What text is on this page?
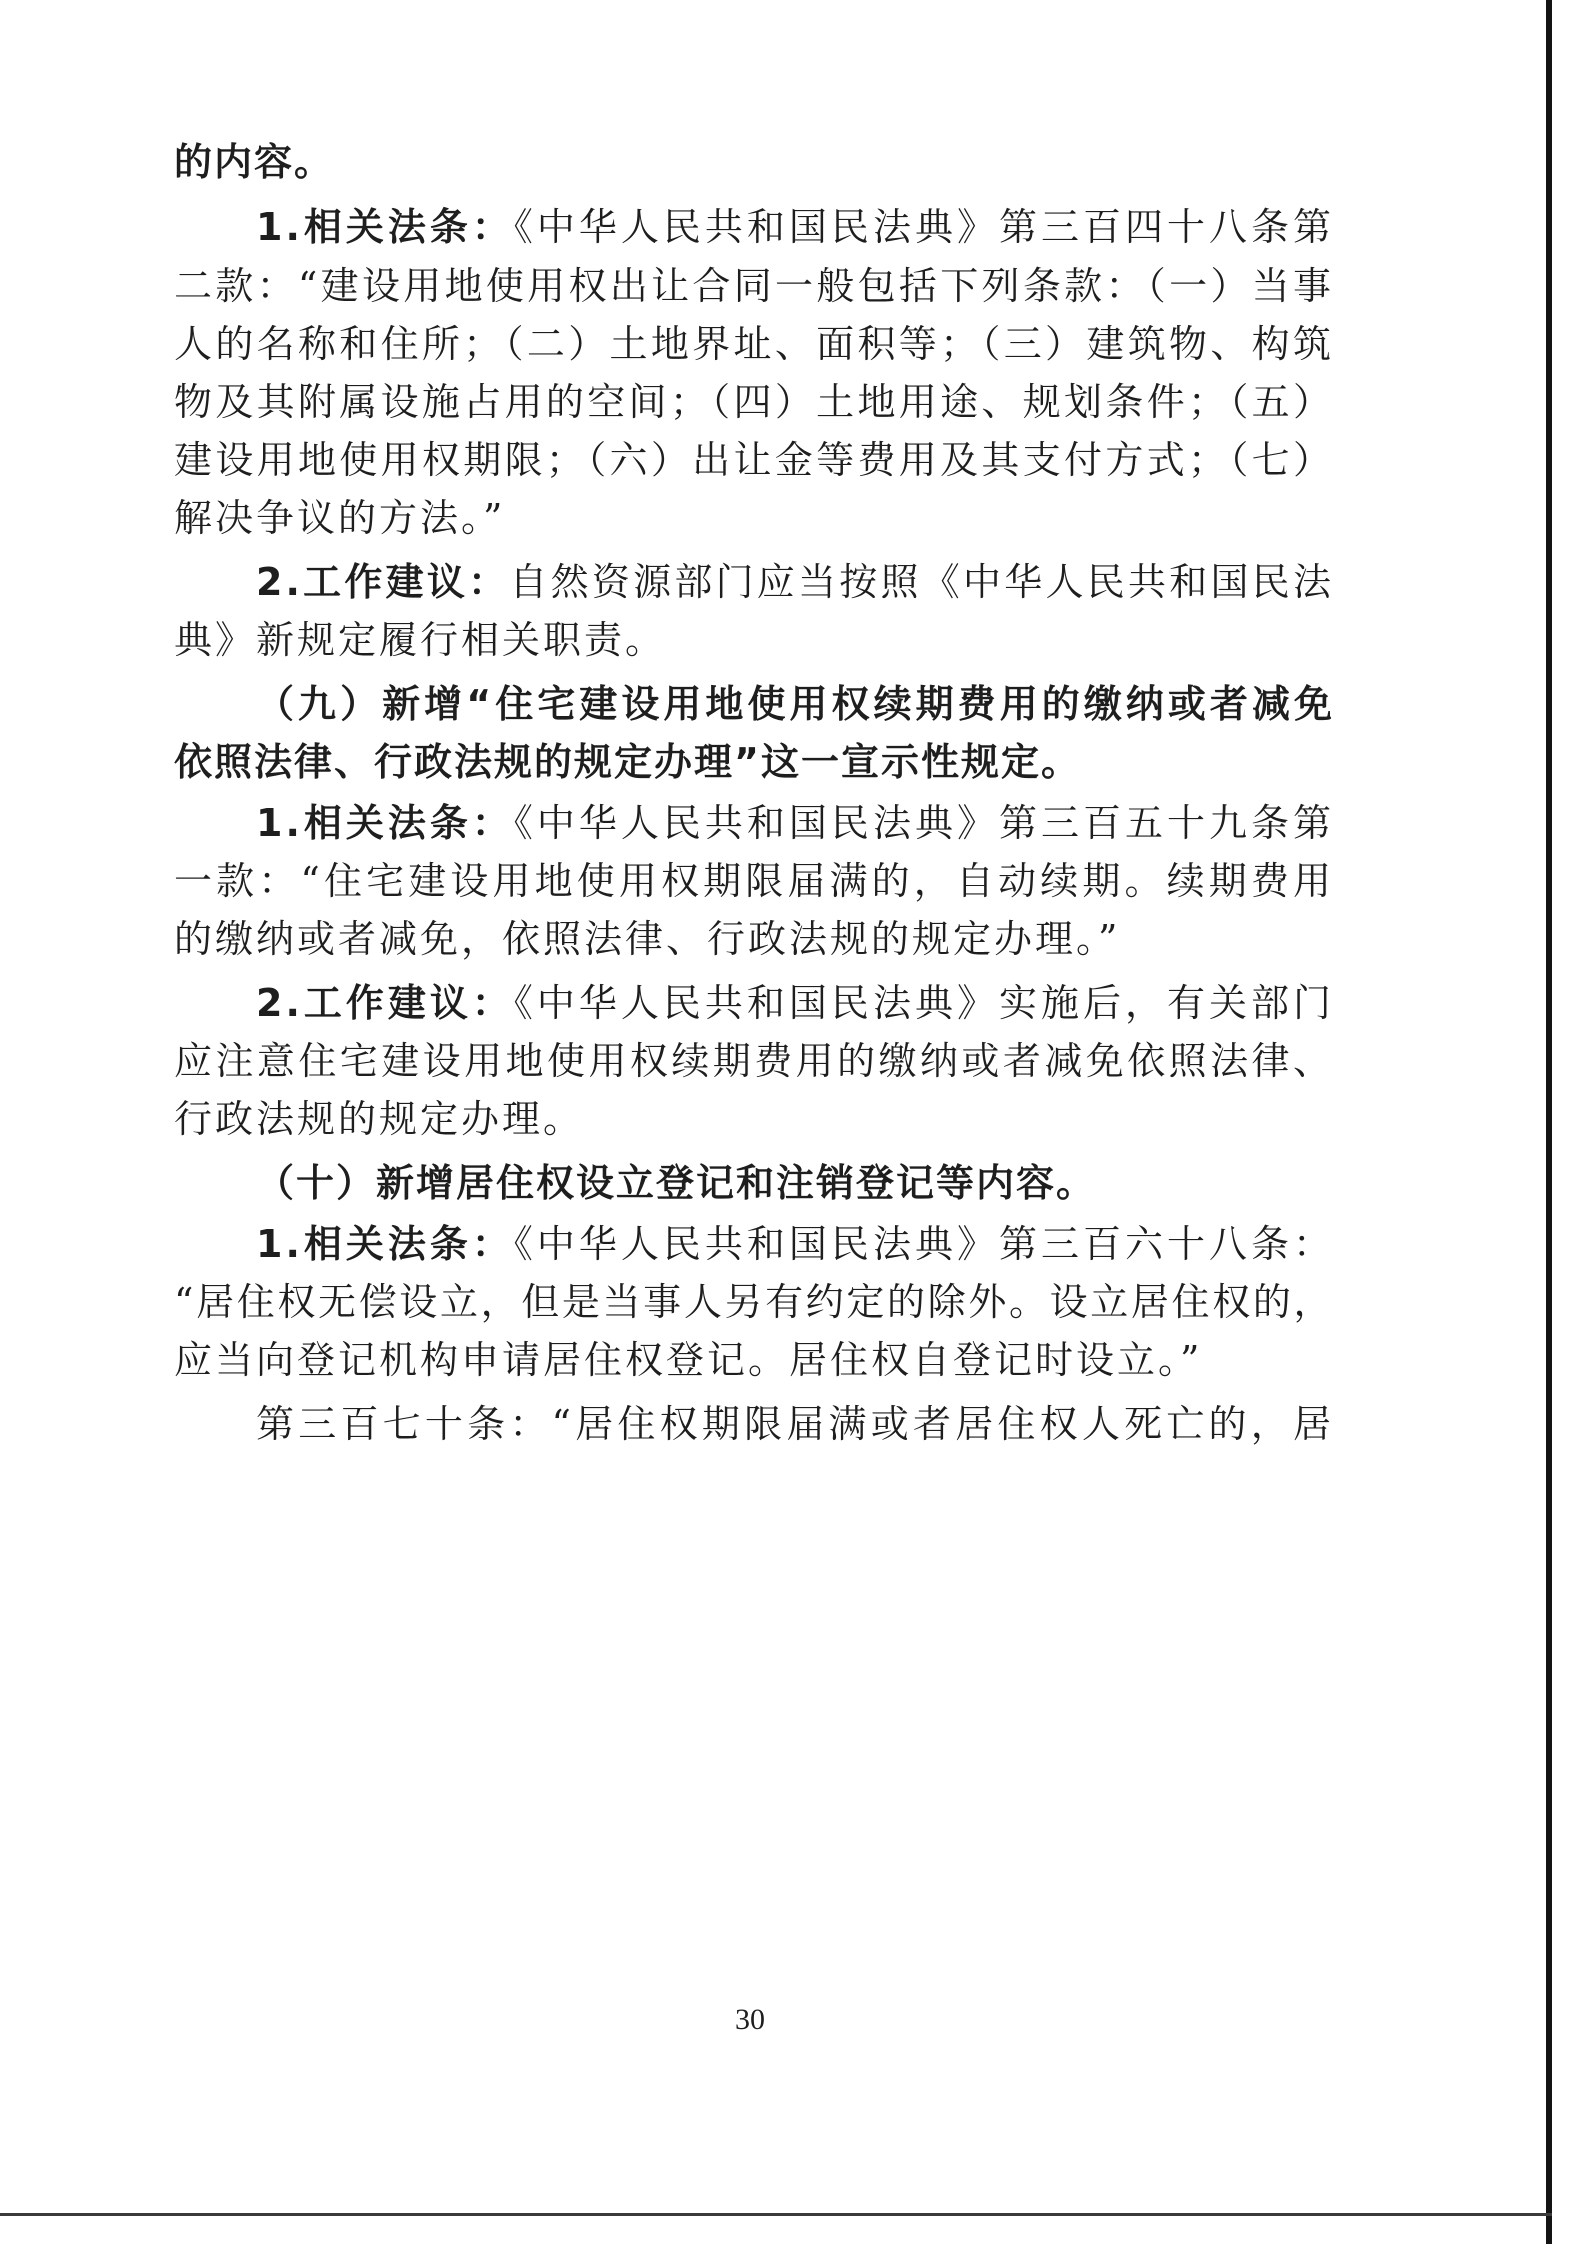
的内容。
1.相关法条：《中华人民共和国民法典》第三百四十八条第
二款：“建设用地使用权出让合同一般包括下列条款：（一）当事
人的名称和住所；（二）土地界址、面积等；（三）建筑物、构筑
物及其附属设施占用的空间；（四）土地用途、规划条件；（五）
建设用地使用权期限；（六）出让金等费用及其支付方式；（七）
解决争议的方法。”
2.工作建议：自然资源部门应当按照《中华人民共和国民法
典》新规定履行相关职责。
（九）新增“住宅建设用地使用权续期费用的缴纳或者减免
依照法律、行政法规的规定办理”这一宣示性规定。
1.相关法条：《中华人民共和国民法典》第三百五十九条第
一款：“住宅建设用地使用权期限届满的，自动续期。续期费用
的缴纳或者减免，依照法律、行政法规的规定办理。”
2.工作建议：《中华人民共和国民法典》实施后，有关部门
应注意住宅建设用地使用权续期费用的缴纳或者减免依照法律、
行政法规的规定办理。
（十）新增居住权设立登记和注销登记等内容。
1.相关法条：《中华人民共和国民法典》第三百六十八条：
“居住权无偿设立，但是当事人另有约定的除外。设立居住权的，
应当向登记机构申请居住权登记。居住权自登记时设立。”
第三百七十条：“居住权期限届满或者居住权人死亡的，居
30
